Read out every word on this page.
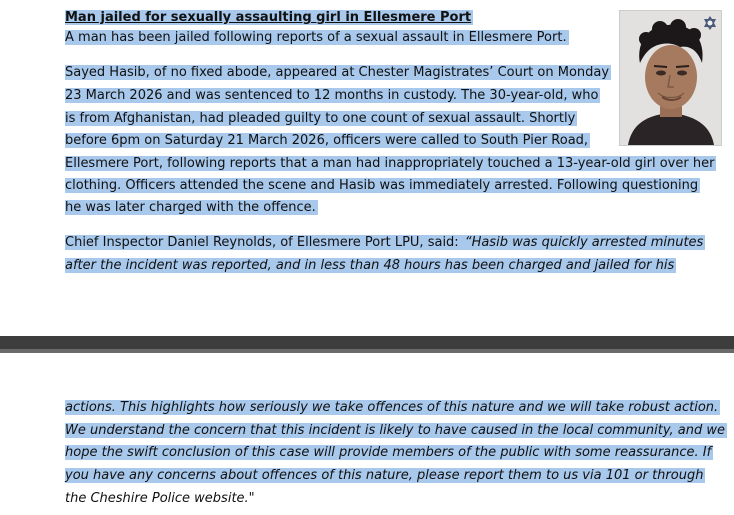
Man jailed for sexually assaulting girl in Ellesmere Port
A man has been jailed following reports of a sexual assault in Ellesmere Port.
Sayed Hasib, of no fixed abode, appeared at Chester Magistrates’ Court on Monday
23 March 2026 and was sentenced to 12 months in custody. The 30-year-old, who
is from Afghanistan, had pleaded guilty to one count of sexual assault. Shortly
before 6pm on Saturday 21 March 2026, officers were called to South Pier Road,
Ellesmere Port, following reports that a man had inappropriately touched a 13-year-old girl over her
clothing. Officers attended the scene and Hasib was immediately arrested. Following questioning
he was later charged with the offence.
Chief Inspector Daniel Reynolds, of Ellesmere Port LPU, said: “Hasib was quickly arrested minutes
after the incident was reported, and in less than 48 hours has been charged and jailed for his
actions. This highlights how seriously we take offences of this nature and we will take robust action.
We understand the concern that this incident is likely to have caused in the local community, and we
hope the swift conclusion of this case will provide members of the public with some reassurance. If
you have any concerns about offences of this nature, please report them to us via 101 or through
the Cheshire Police website."
